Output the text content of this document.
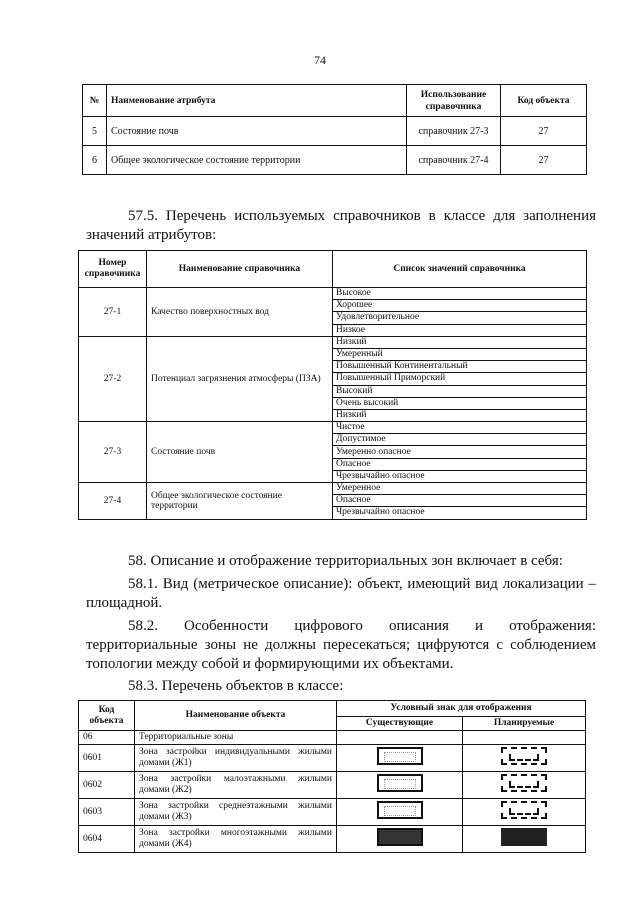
74
№	Наименование атрибута	Использование справочника	Код объекта
5	Состояние почв	справочник 27-3	27
6	Общее экологическое состояние территории	справочник 27-4	27
57.5. Перечень используемых справочников в классе для заполнения значений атрибутов:
Номер справочника	Наименование справочника	Список значений справочника
27-1	Качество поверхностных вод	Высокое
		Хорошее
		Удовлетворительное
		Низкое
27-2	Потенциал загрязнения атмосферы (ПЗА)	Низкий
		Умеренный
		Повышенный Континентальный
		Повышенный Приморский
		Высокий
		Очень высокий
		Низкий
27-3	Состояние почв	Чистое
		Допустимое
		Умеренно опасное
		Опасное
		Чрезвычайно опасное
27-4	Общее экологическое состояние территории	Умеренное
		Опасное
		Чрезвычайно опасное
58. Описание и отображение территориальных зон включает в себя:
58.1. Вид (метрическое описание): объект, имеющий вид локализации – площадной.
58.2. Особенности цифрового описания и отображения: территориальные зоны не должны пересекаться; цифруются с соблюдением топологии между собой и формирующими их объектами.
58.3. Перечень объектов в классе:
Код объекта	Наименование объекта	Условный знак для отображения	
		Существующие	Планируемые
06	Территориальные зоны		
0601	Зона застройки индивидуальными жилыми домами (Ж1)	

0602	Зона застройки малоэтажными жилыми домами (Ж2)	

0603	Зона застройки среднеэтажными жилыми домами (Ж3)	

0604	Зона застройки многоэтажными жилыми домами (Ж4)		
